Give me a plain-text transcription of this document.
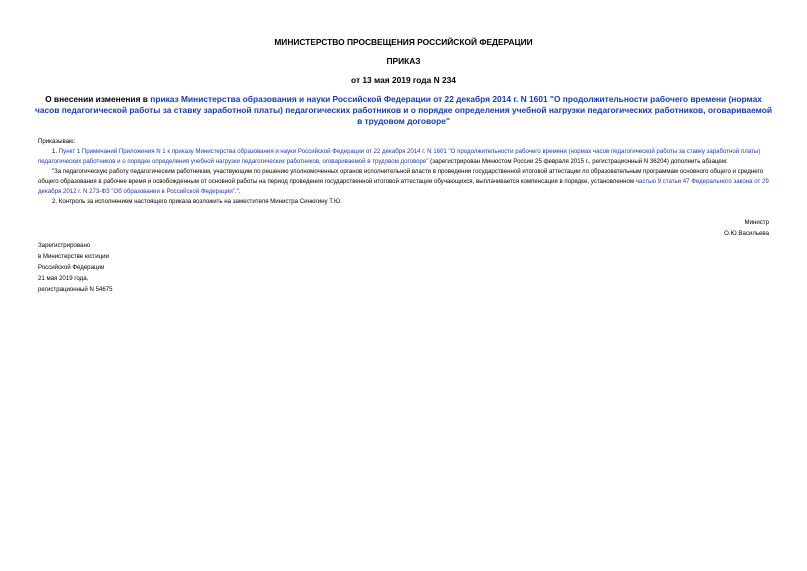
МИНИСТЕРСТВО ПРОСВЕЩЕНИЯ РОССИЙСКОЙ ФЕДЕРАЦИИ
ПРИКАЗ
от 13 мая 2019 года N 234
О внесении изменения в приказ Министерства образования и науки Российской Федерации от 22 декабря 2014 г. N 1601 "О продолжительности рабочего времени (нормах часов педагогической работы за ставку заработной платы) педагогических работников и о порядке определения учебной нагрузки педагогических работников, оговариваемой в трудовом договоре"

Приказываю:

1. Пункт 1 Примечаний Приложения N 1 к приказу Министерства образования и науки Российской Федерации от 22 декабря 2014 г. N 1601 "О продолжительности рабочего времени (нормах часов педагогической работы за ставку заработной платы) педагогических работников и о порядке определения учебной нагрузки педагогических работников, оговариваемой в трудовом договоре" (зарегистрирован Минюстом России 25 февраля 2015 г., регистрационный N 36204) дополнить абзацем:

"За педагогическую работу педагогическим работникам, участвующим по решению уполномоченных органов исполнительной власти в проведении государственной итоговой аттестации по образовательным программам основного общего и среднего общего образования в рабочее время и освобожденным от основной работы на период проведения государственной итоговой аттестации обучающихся, выплачивается компенсация в порядке, установленном частью 9 статьи 47 Федерального закона от 29 декабря 2012 г. N 273-ФЗ "Об образовании в Российской Федерации".".

2. Контроль за исполнением настоящего приказа возложить на заместителя Министра Синюгину Т.Ю.

Министр
О.Ю.Васильева
Зарегистрировано
в Министерстве юстиции
Российской Федерации
21 мая 2019 года,
регистрационный N 54675
